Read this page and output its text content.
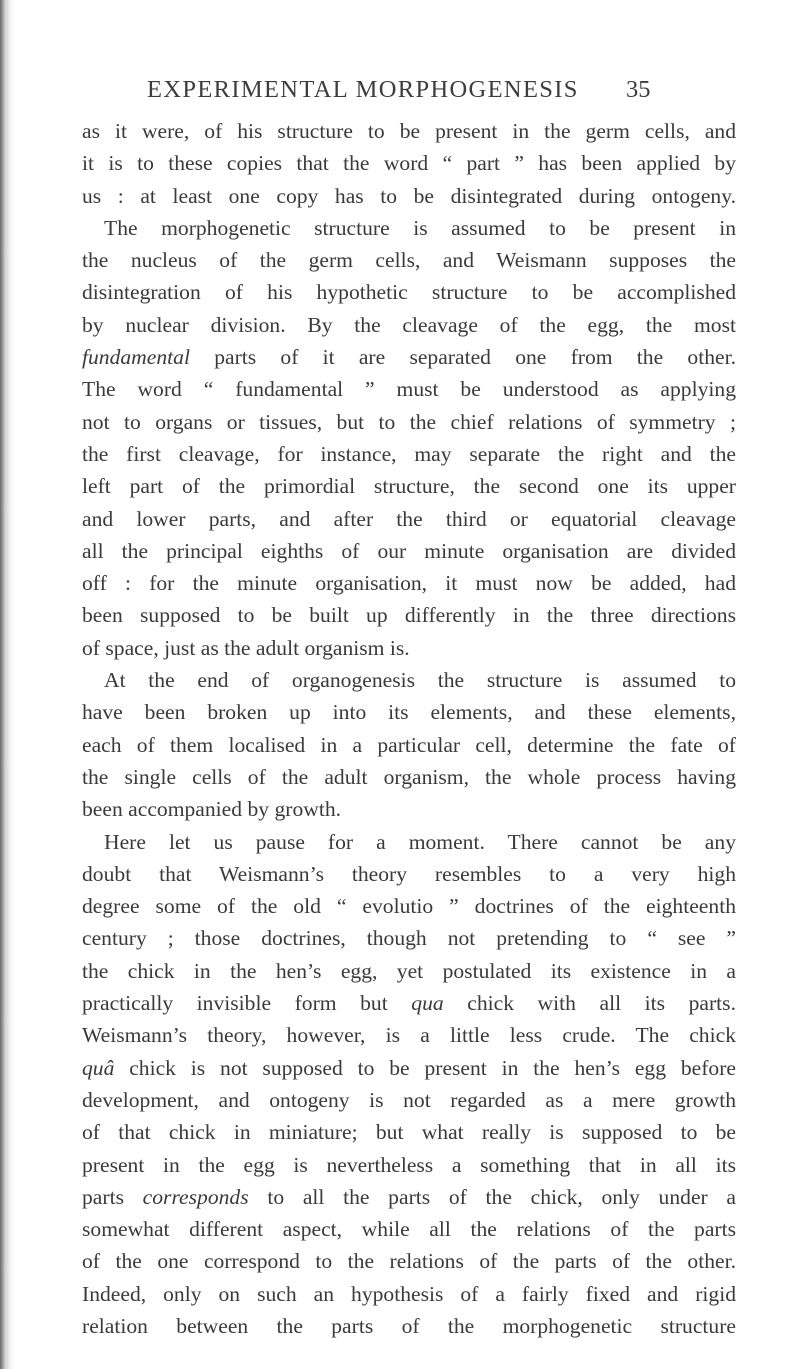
EXPERIMENTAL MORPHOGENESIS 35
as it were, of his structure to be present in the germ cells, and
it is to these copies that the word “ part ” has been applied by
us : at least one copy has to be disintegrated during ontogeny.
The morphogenetic structure is assumed to be present in
the nucleus of the germ cells, and Weismann supposes the
disintegration of his hypothetic structure to be accomplished
by nuclear division. By the cleavage of the egg, the most
fundamental parts of it are separated one from the other.
The word “ fundamental ” must be understood as applying
not to organs or tissues, but to the chief relations of symmetry ;
the first cleavage, for instance, may separate the right and the
left part of the primordial structure, the second one its upper
and lower parts, and after the third or equatorial cleavage
all the principal eighths of our minute organisation are divided
off : for the minute organisation, it must now be added, had
been supposed to be built up differently in the three directions
of space, just as the adult organism is.
At the end of organogenesis the structure is assumed to
have been broken up into its elements, and these elements,
each of them localised in a particular cell, determine the fate of
the single cells of the adult organism, the whole process having
been accompanied by growth.
Here let us pause for a moment. There cannot be any
doubt that Weismann’s theory resembles to a very high
degree some of the old “ evolutio ” doctrines of the eighteenth
century ; those doctrines, though not pretending to “ see ”
the chick in the hen’s egg, yet postulated its existence in a
practically invisible form but qua chick with all its parts.
Weismann’s theory, however, is a little less crude. The chick
quâ chick is not supposed to be present in the hen’s egg before
development, and ontogeny is not regarded as a mere growth
of that chick in miniature; but what really is supposed to be
present in the egg is nevertheless a something that in all its
parts corresponds to all the parts of the chick, only under a
somewhat different aspect, while all the relations of the parts
of the one correspond to the relations of the parts of the other.
Indeed, only on such an hypothesis of a fairly fixed and rigid
relation between the parts of the morphogenetic structure
